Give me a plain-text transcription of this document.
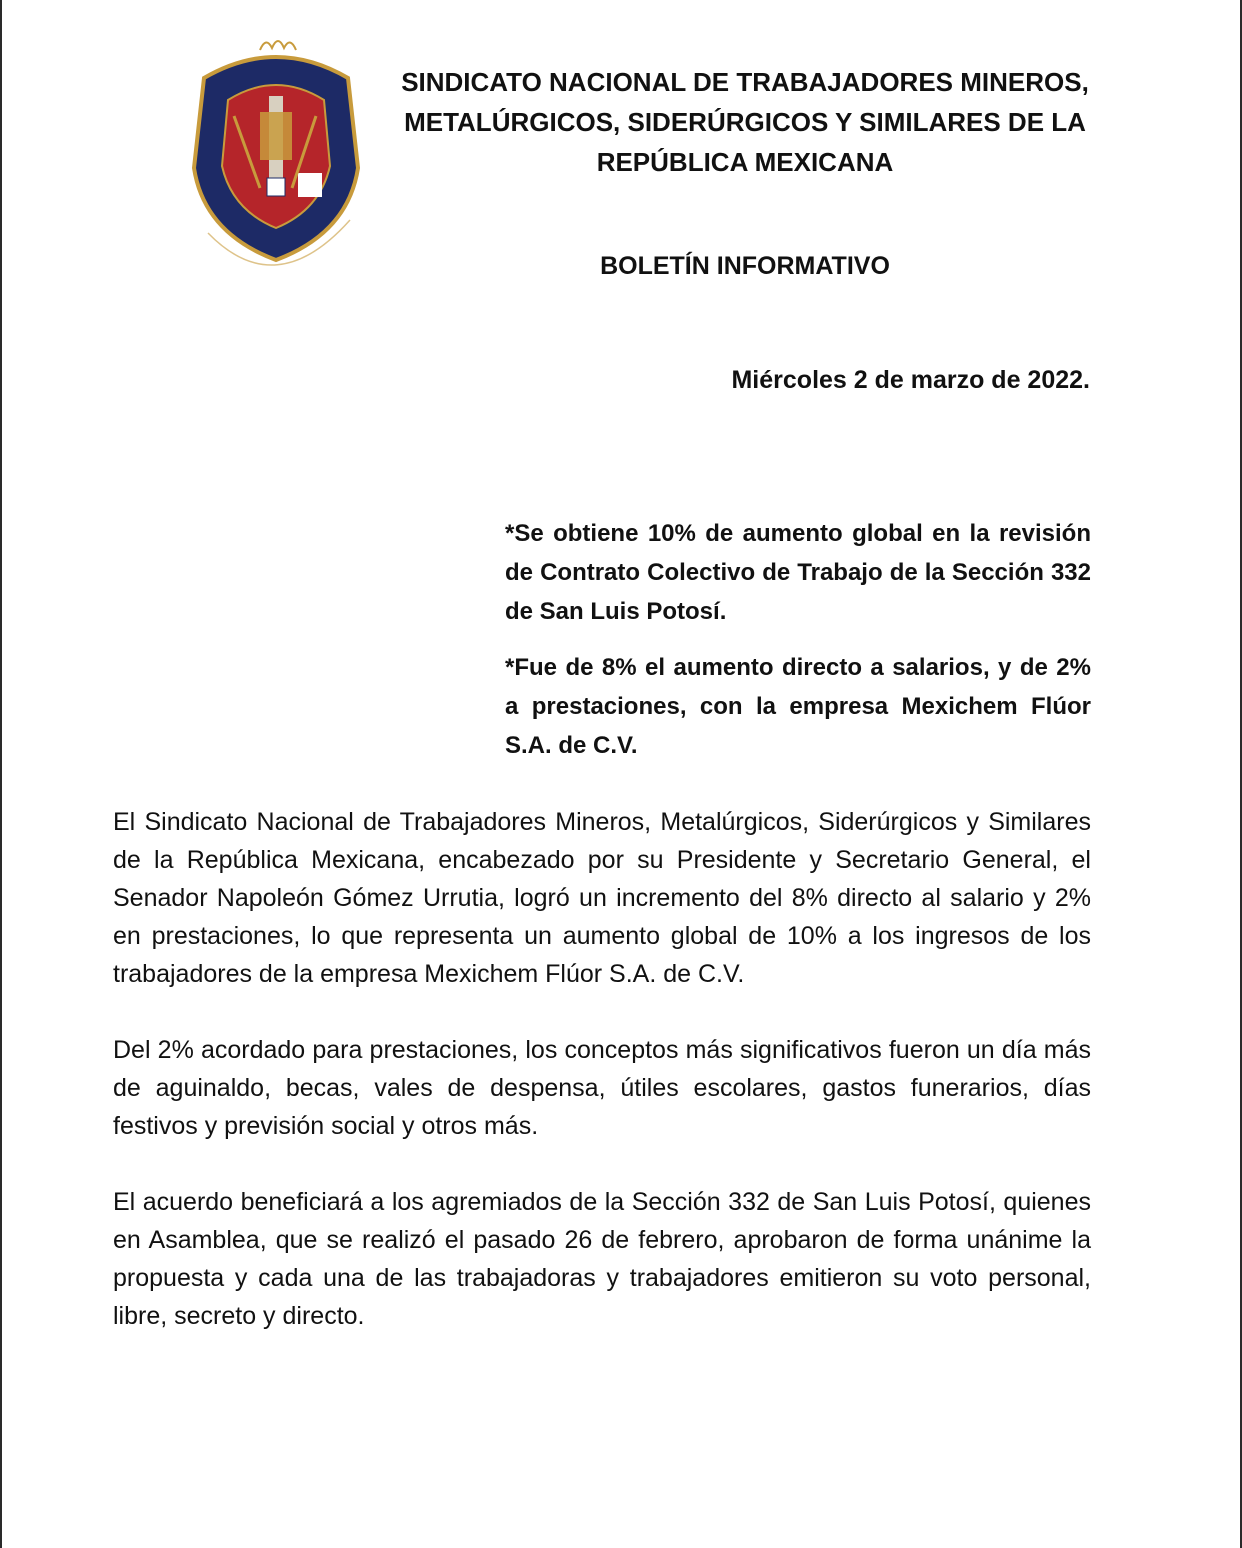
SINDICATO NACIONAL DE TRABAJADORES MINEROS,
METALÚRGICOS, SIDERÚRGICOS Y SIMILARES DE LA
REPÚBLICA MEXICANA
BOLETÍN INFORMATIVO
Miércoles 2 de marzo de 2022.

*Se obtiene 10% de aumento global en la revisión de Contrato Colectivo de Trabajo de la Sección 332 de San Luis Potosí.

*Fue de 8% el aumento directo a salarios, y de 2% a prestaciones, con la empresa Mexichem Flúor S.A. de C.V.

El Sindicato Nacional de Trabajadores Mineros, Metalúrgicos, Siderúrgicos y Similares de la República Mexicana, encabezado por su Presidente y Secretario General, el Senador Napoleón Gómez Urrutia, logró un incremento del 8% directo al salario y 2% en prestaciones, lo que representa un aumento global de 10% a los ingresos de los trabajadores de la empresa Mexichem Flúor S.A. de C.V.

Del 2% acordado para prestaciones, los conceptos más significativos fueron un día más de aguinaldo, becas, vales de despensa, útiles escolares, gastos funerarios, días festivos y previsión social y otros más.

El acuerdo beneficiará a los agremiados de la Sección 332 de San Luis Potosí, quienes en Asamblea, que se realizó el pasado 26 de febrero, aprobaron de forma unánime la propuesta y cada una de las trabajadoras y trabajadores emitieron su voto personal, libre, secreto y directo.
